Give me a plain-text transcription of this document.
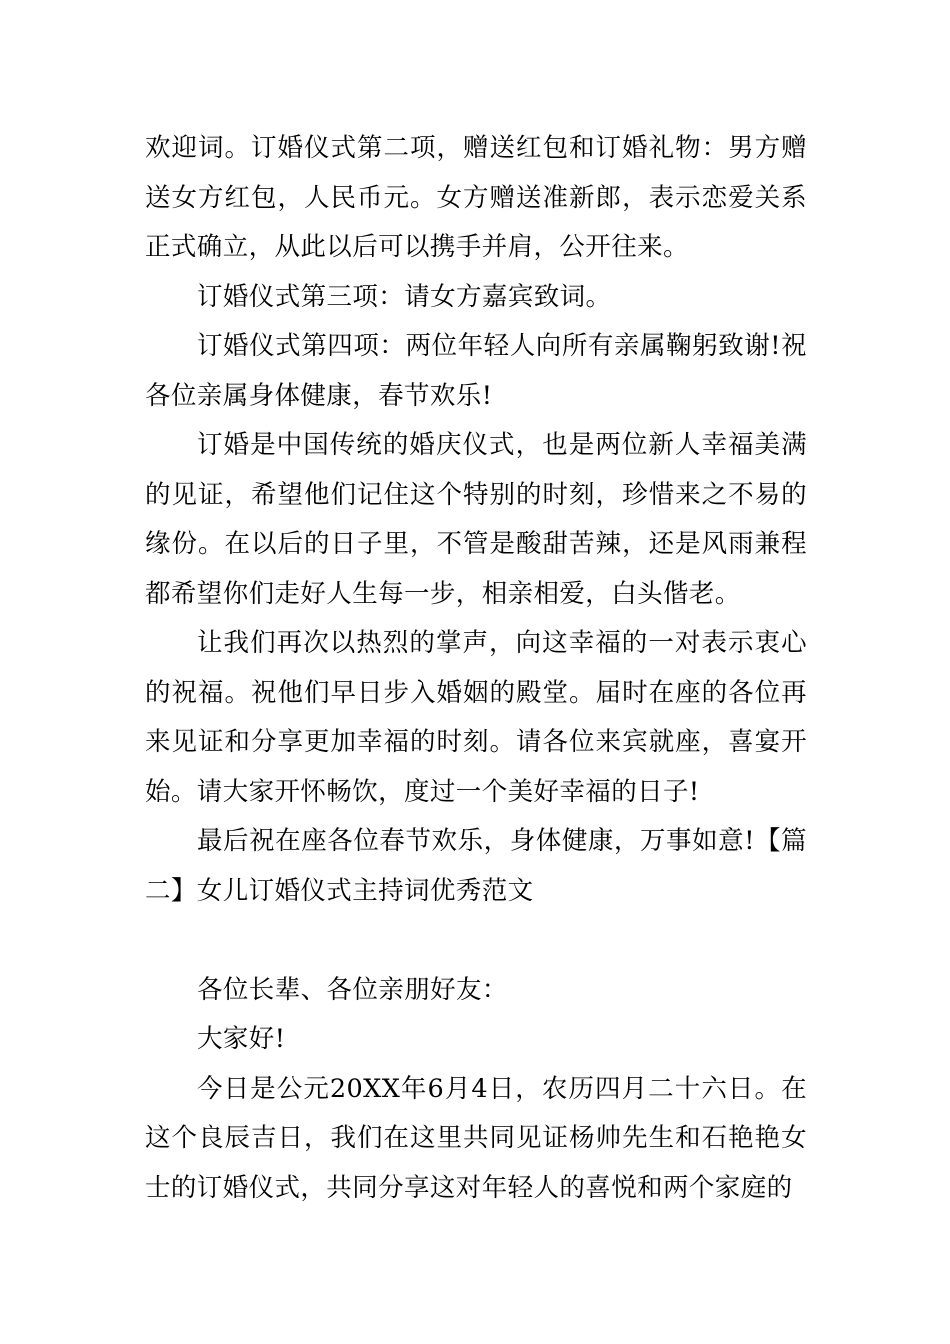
欢迎词。订婚仪式第二项，赠送红包和订婚礼物：男方赠送女方红包，人民币元。女方赠送准新郎，表示恋爱关系正式确立，从此以后可以携手并肩，公开往来。

订婚仪式第三项：请女方嘉宾致词。

订婚仪式第四项：两位年轻人向所有亲属鞠躬致谢!祝各位亲属身体健康，春节欢乐!

订婚是中国传统的婚庆仪式，也是两位新人幸福美满的见证，希望他们记住这个特别的时刻，珍惜来之不易的缘份。在以后的日子里，不管是酸甜苦辣，还是风雨兼程都希望你们走好人生每一步，相亲相爱，白头偕老。

让我们再次以热烈的掌声，向这幸福的一对表示衷心的祝福。祝他们早日步入婚姻的殿堂。届时在座的各位再来见证和分享更加幸福的时刻。请各位来宾就座，喜宴开始。请大家开怀畅饮，度过一个美好幸福的日子!

最后祝在座各位春节欢乐，身体健康，万事如意!【篇二】女儿订婚仪式主持词优秀范文

各位长辈、各位亲朋好友：

大家好!

今日是公元20XX年6月4日，农历四月二十六日。在这个良辰吉日，我们在这里共同见证杨帅先生和石艳艳女士的订婚仪式，共同分享这对年轻人的喜悦和两个家庭的
